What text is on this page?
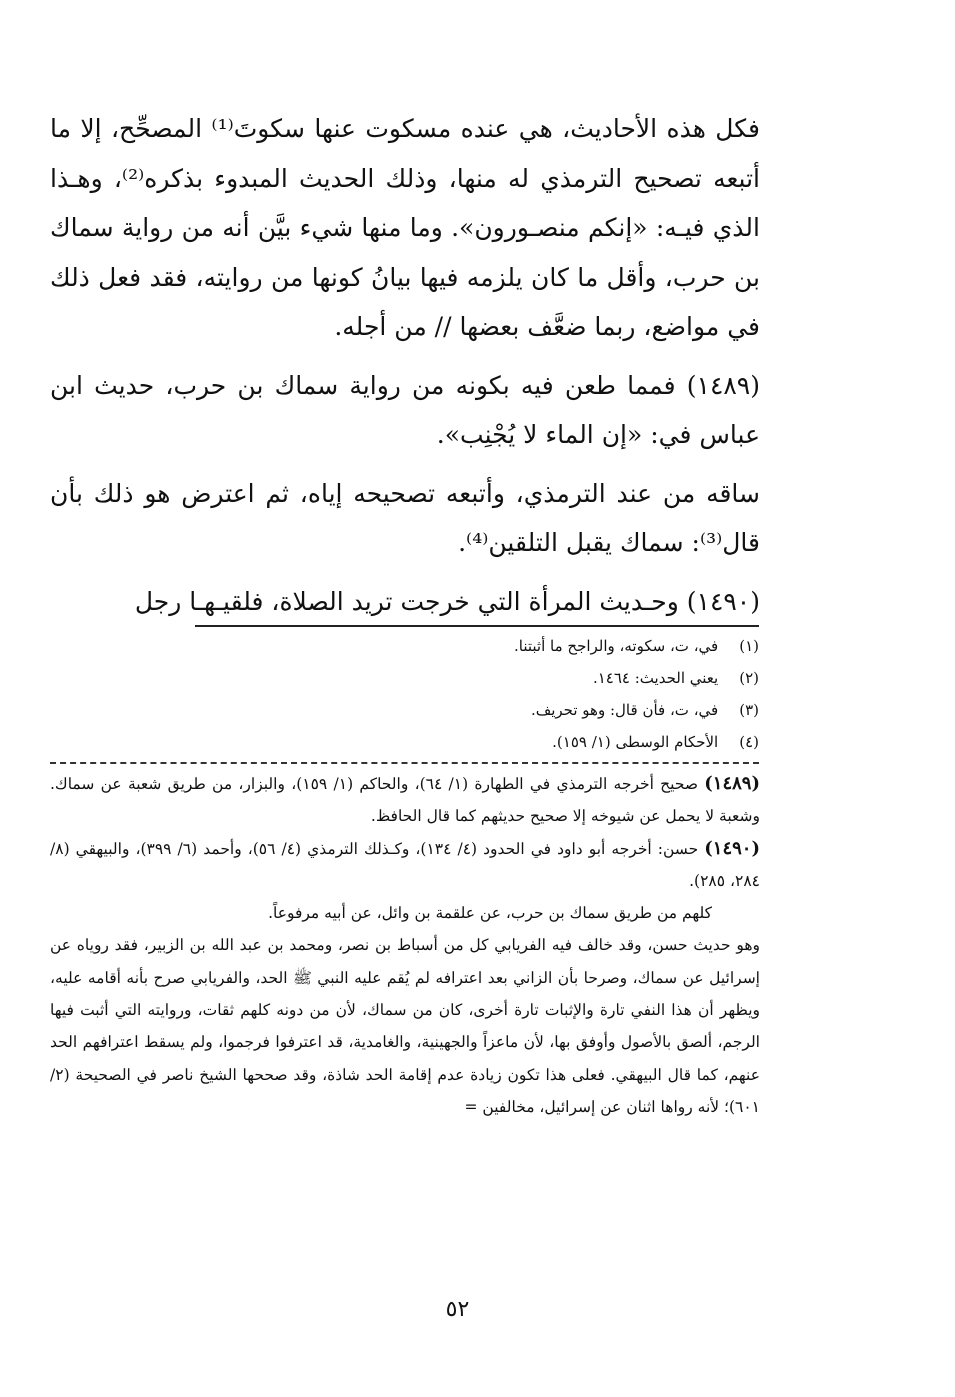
فكل هذه الأحاديث، هي عنده مسكوت عنها سكوتَ⁽¹⁾ المصحِّح، إلا ما أتبعه تصحيح الترمذي له منها، وذلك الحديث المبدوء بذكره⁽²⁾، وهـذا الذي فيـه: «إنكم منصـورون». وما منها شيء بيَّن أنه من رواية سماك بن حرب، وأقل ما كان يلزمه فيها بيانُ كونها من روايته، فقد فعل ذلك في مواضع، ربما ضعَّف بعضها // من أجله.

(١٤٨٩) فمما طعن فيه بكونه من رواية سماك بن حرب، حديث ابن عباس في: «إن الماء لا يُجْنِب».

ساقه من عند الترمذي، وأتبعه تصحيحه إياه، ثم اعترض هو ذلك بأن قال⁽³⁾: سماك يقبل التلقين⁽⁴⁾.

(١٤٩٠) وحـديث المرأة التي خرجت تريد الصلاة، فلقيـهـا رجل

(١) في، ت، سكوته، والراجح ما أثبتنا.
(٢) يعني الحديث: ١٤٦٤.
(٣) في، ت، فأن قال: وهو تحريف.
(٤) الأحكام الوسطى (١/ ١٥٩).

(١٤٨٩) صحيح أخرجه الترمذي في الطهارة (١/ ٦٤)، والحاكم (١/ ١٥٩)، والبزار، من طريق شعبة عن سماك. وشعبة لا يحمل عن شيوخه إلا صحيح حديثهم كما قال الحافظ.

(١٤٩٠) حسن: أخرجه أبو داود في الحدود (٤/ ١٣٤)، وكـذلك الترمذي (٤/ ٥٦)، وأحمد (٦/ ٣٩٩)، والبيهقي (٨/ ٢٨٤، ٢٨٥).

كلهم من طريق سماك بن حرب، عن علقمة بن وائل، عن أبيه مرفوعاً.

وهو حديث حسن، وقد خالف فيه الفريابي كل من أسباط بن نصر، ومحمد بن عبد الله بن الزبير، فقد روياه عن إسرائيل عن سماك، وصرحا بأن الزاني بعد اعترافه لم يُقم عليه النبي ﷺ الحد، والفريابي صرح بأنه أقامه عليه، ويظهر أن هذا النفي تارة والإثبات تارة أخرى، كان من سماك، لأن من دونه كلهم ثقات، وروايته التي أثبت فيها الرجم، ألصق بالأصول وأوفق بها، لأن ماعزاً والجهينية، والغامدية، قد اعترفوا فرجموا، ولم يسقط اعترافهم الحد عنهم، كما قال البيهقي. فعلى هذا تكون زيادة عدم إقامة الحد شاذة، وقد صححها الشيخ ناصر في الصحيحة (٢/ ٦٠١)؛ لأنه رواها اثنان عن إسرائيل، مخالفين =

٥٢
